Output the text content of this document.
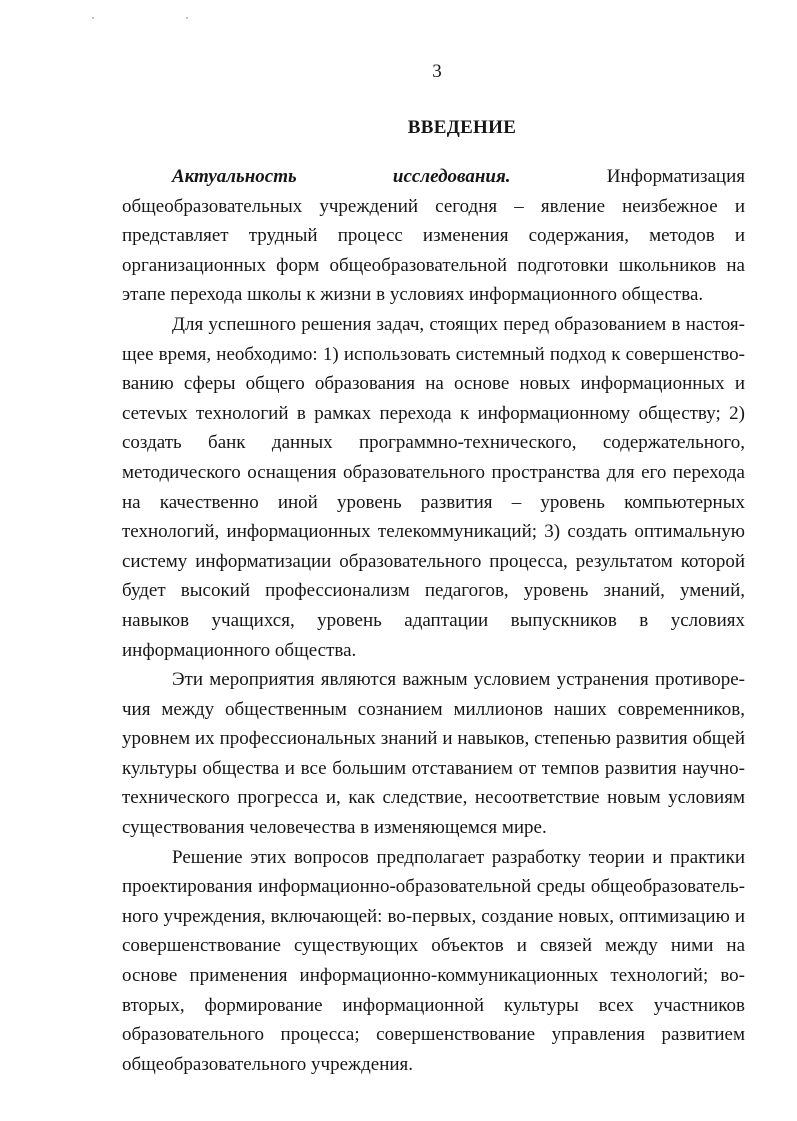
3
ВВЕДЕНИЕ

Актуальность исследования. Информатизация общеобразовательных учреждений сегодня – явление неизбежное и представляет трудный процесс изменения содержания, методов и организационных форм общеобразовательной подготовки школьников на этапе перехода школы к жизни в условиях информационного общества.

Для успешного решения задач, стоящих перед образованием в настоящее время, необходимо: 1) использовать системный подход к совершенствованию сферы общего образования на основе новых информационных и сетеvых технологий в рамках перехода к информационному обществу; 2) создать банк данных программно-технического, содержательного, методического оснащения образовательного пространства для его перехода на качественно иной уровень развития – уровень компьютерных технологий, информационных телекоммуникаций; 3) создать оптимальную систему информатизации образовательного процесса, результатом которой будет высокий профессионализм педагогов, уровень знаний, умений, навыков учащихся, уровень адаптации выпускников в условиях информационного общества.

Эти мероприятия являются важным условием устранения противоречия между общественным сознанием миллионов наших современников, уровнем их профессиональных знаний и навыков, степенью развития общей культуры общества и все большим отставанием от темпов развития научно-технического прогресса и, как следствие, несоответствие новым условиям существования человечества в изменяющемся мире.

Решение этих вопросов предполагает разработку теории и практики проектирования информационно-образовательной среды общеобразовательного учреждения, включающей: во-первых, создание новых, оптимизацию и совершенствование существующих объектов и связей между ними на основе применения информационно-коммуникационных технологий; во-вторых, формирование информационной культуры всех участников образовательного процесса; совершенствование управления развитием общеобразовательного учреждения.
